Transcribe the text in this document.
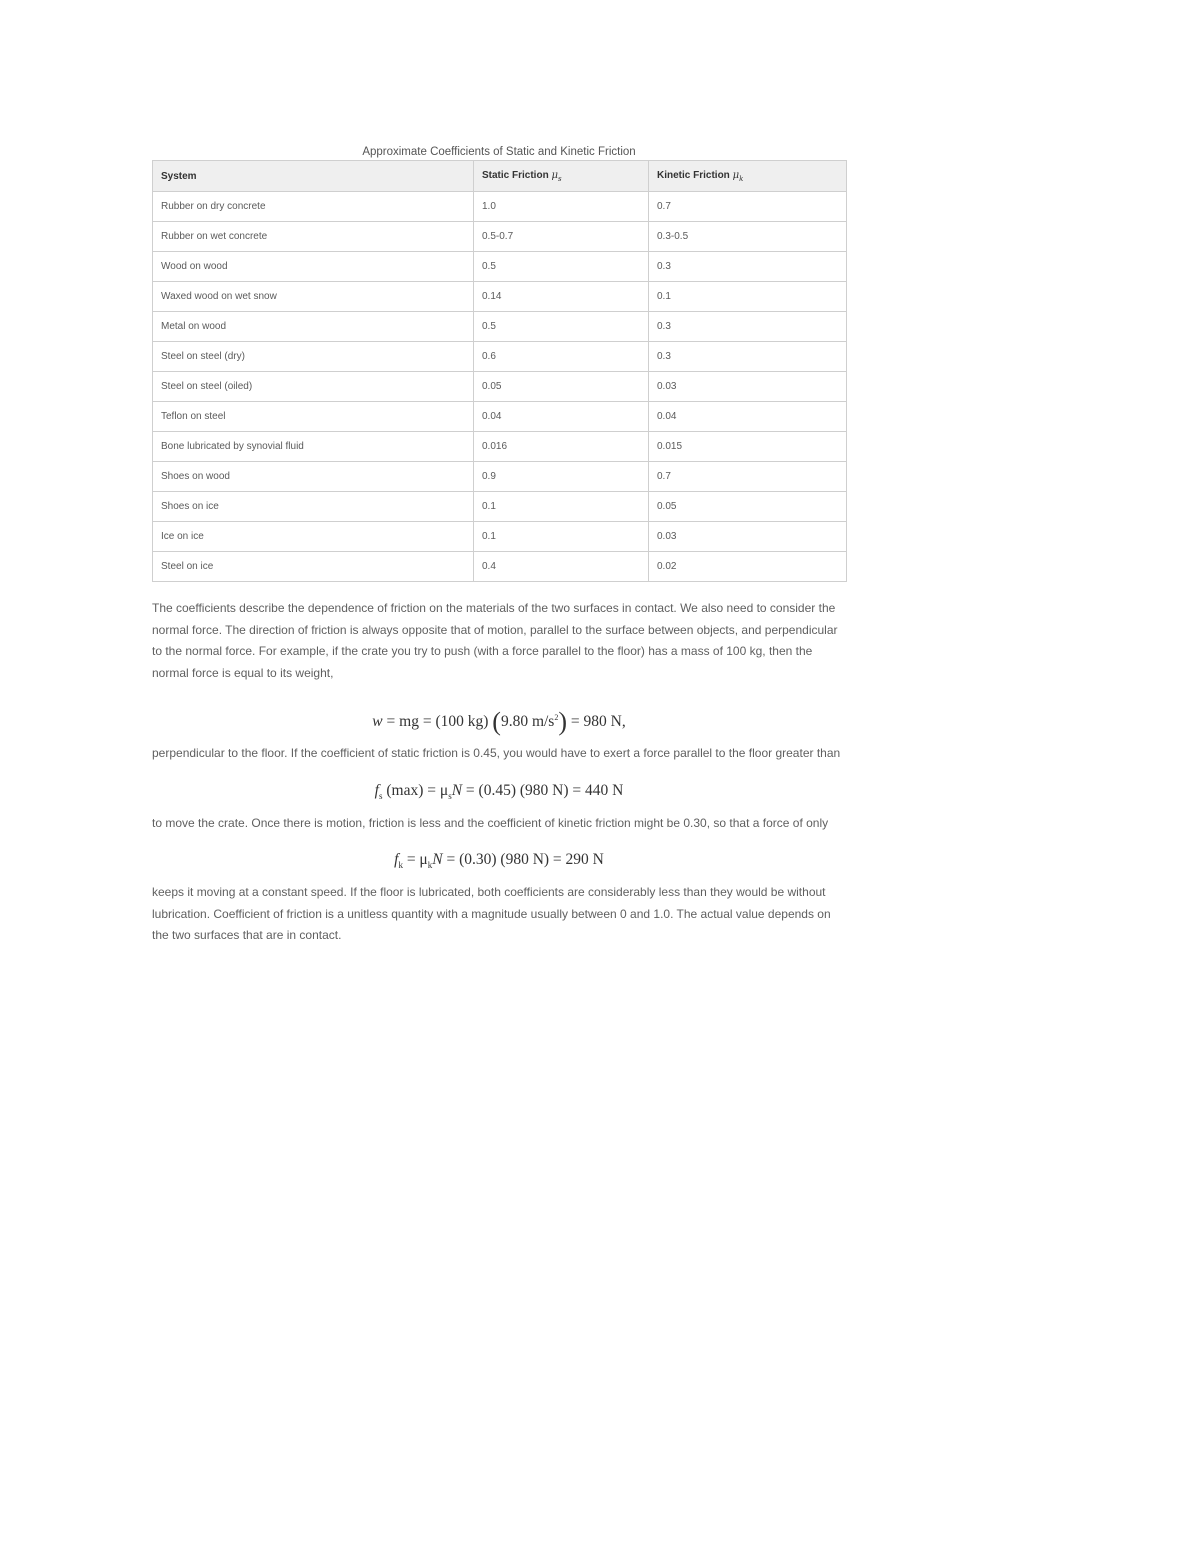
Approximate Coefficients of Static and Kinetic Friction
System	Static Friction $\mu_s$	Kinetic Friction $\mu_k$
Rubber on dry concrete	1.0	0.7
Rubber on wet concrete	0.5-0.7	0.3-0.5
Wood on wood	0.5	0.3
Waxed wood on wet snow	0.14	0.1
Metal on wood	0.5	0.3
Steel on steel (dry)	0.6	0.3
Steel on steel (oiled)	0.05	0.03
Teflon on steel	0.04	0.04
Bone lubricated by synovial fluid	0.016	0.015
Shoes on wood	0.9	0.7
Shoes on ice	0.1	0.05
Ice on ice	0.1	0.03
Steel on ice	0.4	0.02

The coefficients describe the dependence of friction on the materials of the two surfaces in contact. We also need to consider the normal force. The direction of friction is always opposite that of motion, parallel to the surface between objects, and perpendicular to the normal force. For example, if the crate you try to push (with a force parallel to the floor) has a mass of 100 kg, then the normal force is equal to its weight,

w = mg = (100 kg) (9.80 $m/s^2) = 980$ N,

perpendicular to the floor. If the coefficient of static friction is 0.45, you would have to exert a force parallel to the floor greater than

$f_s$ $(\max) = \mu_sN = (0.45)$ (980 N) = 440 N

to move the crate. Once there is motion, friction is less and the coefficient of kinetic friction might be 0.30, so that a force of only

$f_k = \mu_kN = (0.30)$ (980 N) = 290 N

keeps it moving at a constant speed. If the floor is lubricated, both coefficients are considerably less than they would be without lubrication. Coefficient of friction is a unitless quantity with a magnitude usually between 0 and 1.0. The actual value depends on the two surfaces that are in contact.
